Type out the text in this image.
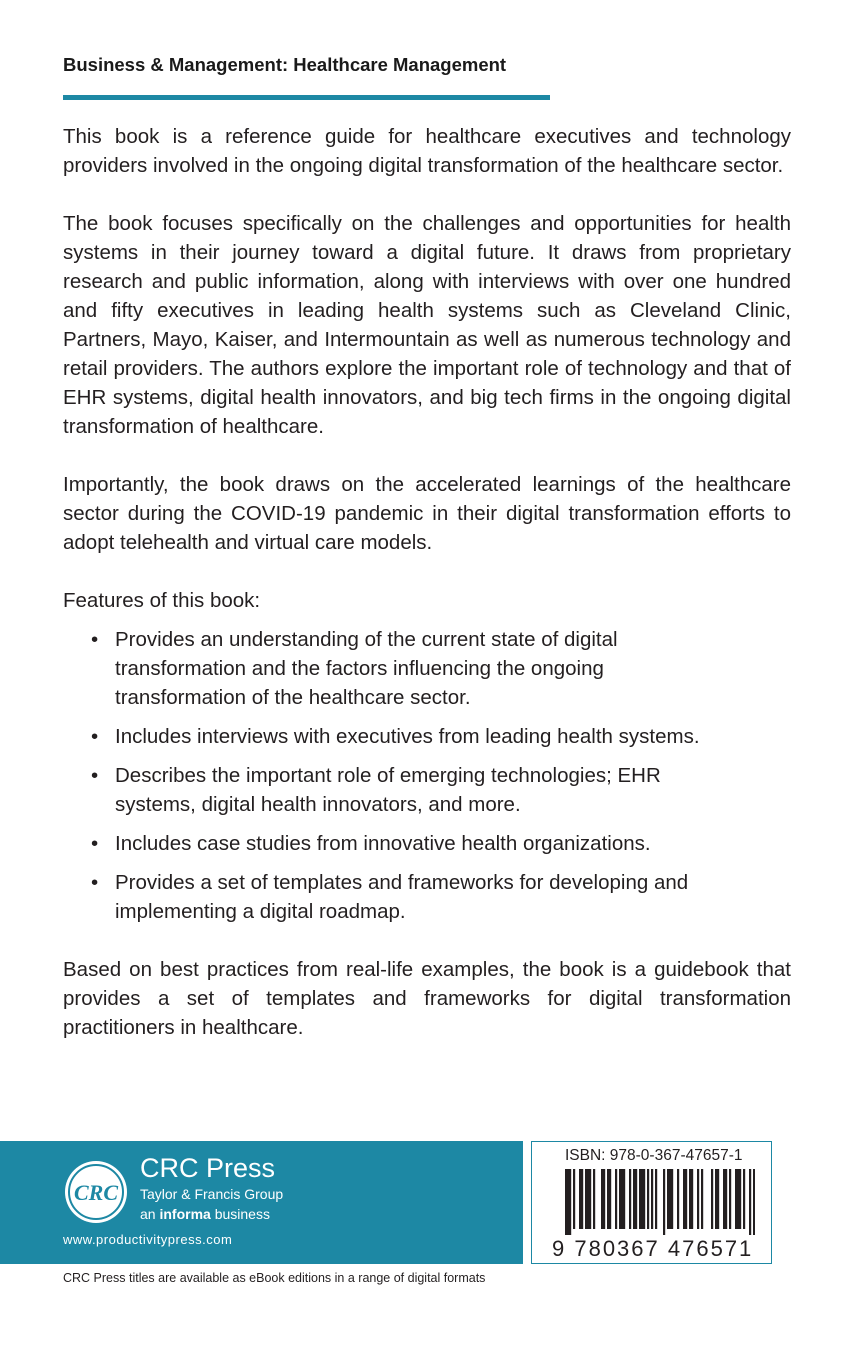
Business & Management: Healthcare Management

This book is a reference guide for healthcare executives and technology providers involved in the ongoing digital transformation of the healthcare sector.

The book focuses specifically on the challenges and opportunities for health systems in their journey toward a digital future. It draws from proprietary research and public information, along with interviews with over one hundred and fifty executives in leading health systems such as Cleveland Clinic, Partners, Mayo, Kaiser, and Intermountain as well as numerous technology and retail providers. The authors explore the important role of technology and that of EHR systems, digital health innovators, and big tech firms in the ongoing digital transformation of healthcare.

Importantly, the book draws on the accelerated learnings of the healthcare sector during the COVID-19 pandemic in their digital transformation efforts to adopt telehealth and virtual care models.

Features of this book:

• Provides an understanding of the current state of digital transformation and the factors influencing the ongoing transformation of the healthcare sector.
• Includes interviews with executives from leading health systems.
• Describes the important role of emerging technologies; EHR systems, digital health innovators, and more.
• Includes case studies from innovative health organizations.
• Provides a set of templates and frameworks for developing and implementing a digital roadmap.

Based on best practices from real-life examples, the book is a guidebook that provides a set of templates and frameworks for digital transformation practitioners in healthcare.

CRC
CRC Press
Taylor & Francis Group
an informa business
www.productivitypress.com
ISBN: 978-0-367-47657-1
9 780367 476571
CRC Press titles are available as eBook editions in a range of digital formats
